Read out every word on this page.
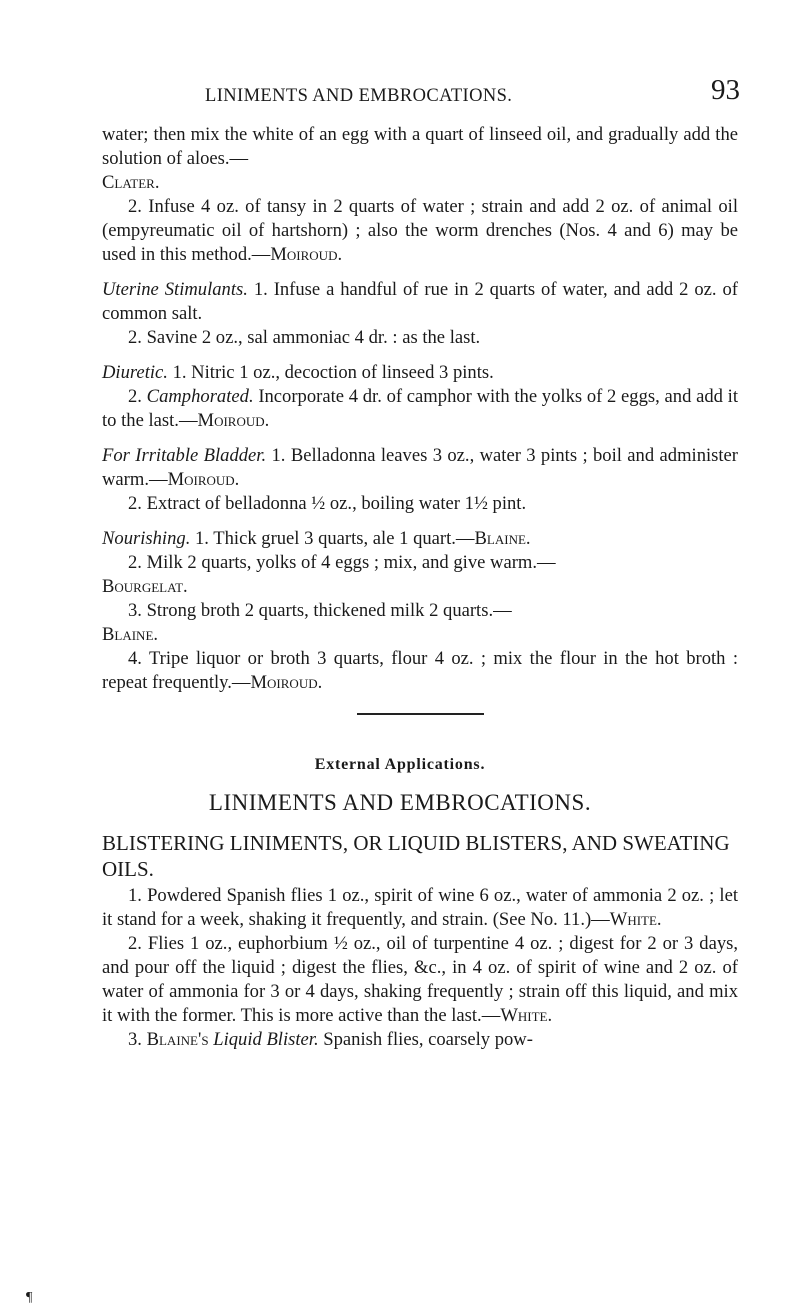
LINIMENTS AND EMBROCATIONS.	93

water; then mix the white of an egg with a quart of linseed oil, and gradually add the solution of aloes.—
Clater.

2. Infuse 4 oz. of tansy in 2 quarts of water ; strain and add 2 oz. of animal oil (empyreumatic oil of hartshorn) ; also the worm drenches (Nos. 4 and 6) may be used in this method.—Moiroud.

Uterine Stimulants. 1. Infuse a handful of rue in 2 quarts of water, and add 2 oz. of common salt.

2. Savine 2 oz., sal ammoniac 4 dr. : as the last.

Diuretic. 1. Nitric 1 oz., decoction of linseed 3 pints.

2. Camphorated. Incorporate 4 dr. of camphor with the yolks of 2 eggs, and add it to the last.—Moiroud.

For Irritable Bladder. 1. Belladonna leaves 3 oz., water 3 pints ; boil and administer warm.—Moiroud.

2. Extract of belladonna ½ oz., boiling water 1½ pint.

Nourishing. 1. Thick gruel 3 quarts, ale 1 quart.—Blaine.

2. Milk 2 quarts, yolks of 4 eggs ; mix, and give warm.—
Bourgelat.

3. Strong broth 2 quarts, thickened milk 2 quarts.—
Blaine.

4. Tripe liquor or broth 3 quarts, flour 4 oz. ; mix the flour in the hot broth : repeat frequently.—Moiroud.

External Applications.
LINIMENTS AND EMBROCATIONS.
BLISTERING LINIMENTS, OR LIQUID BLISTERS, AND SWEATING OILS.

1. Powdered Spanish flies 1 oz., spirit of wine 6 oz., water of ammonia 2 oz. ; let it stand for a week, shaking it frequently, and strain. (See No. 11.)—White.

2. Flies 1 oz., euphorbium ½ oz., oil of turpentine 4 oz. ; digest for 2 or 3 days, and pour off the liquid ; digest the flies, &c., in 4 oz. of spirit of wine and 2 oz. of water of ammonia for 3 or 4 days, shaking frequently ; strain off this liquid, and mix it with the former. This is more active than the last.—White.

3. Blaine's Liquid Blister. Spanish flies, coarsely pow-

¶
